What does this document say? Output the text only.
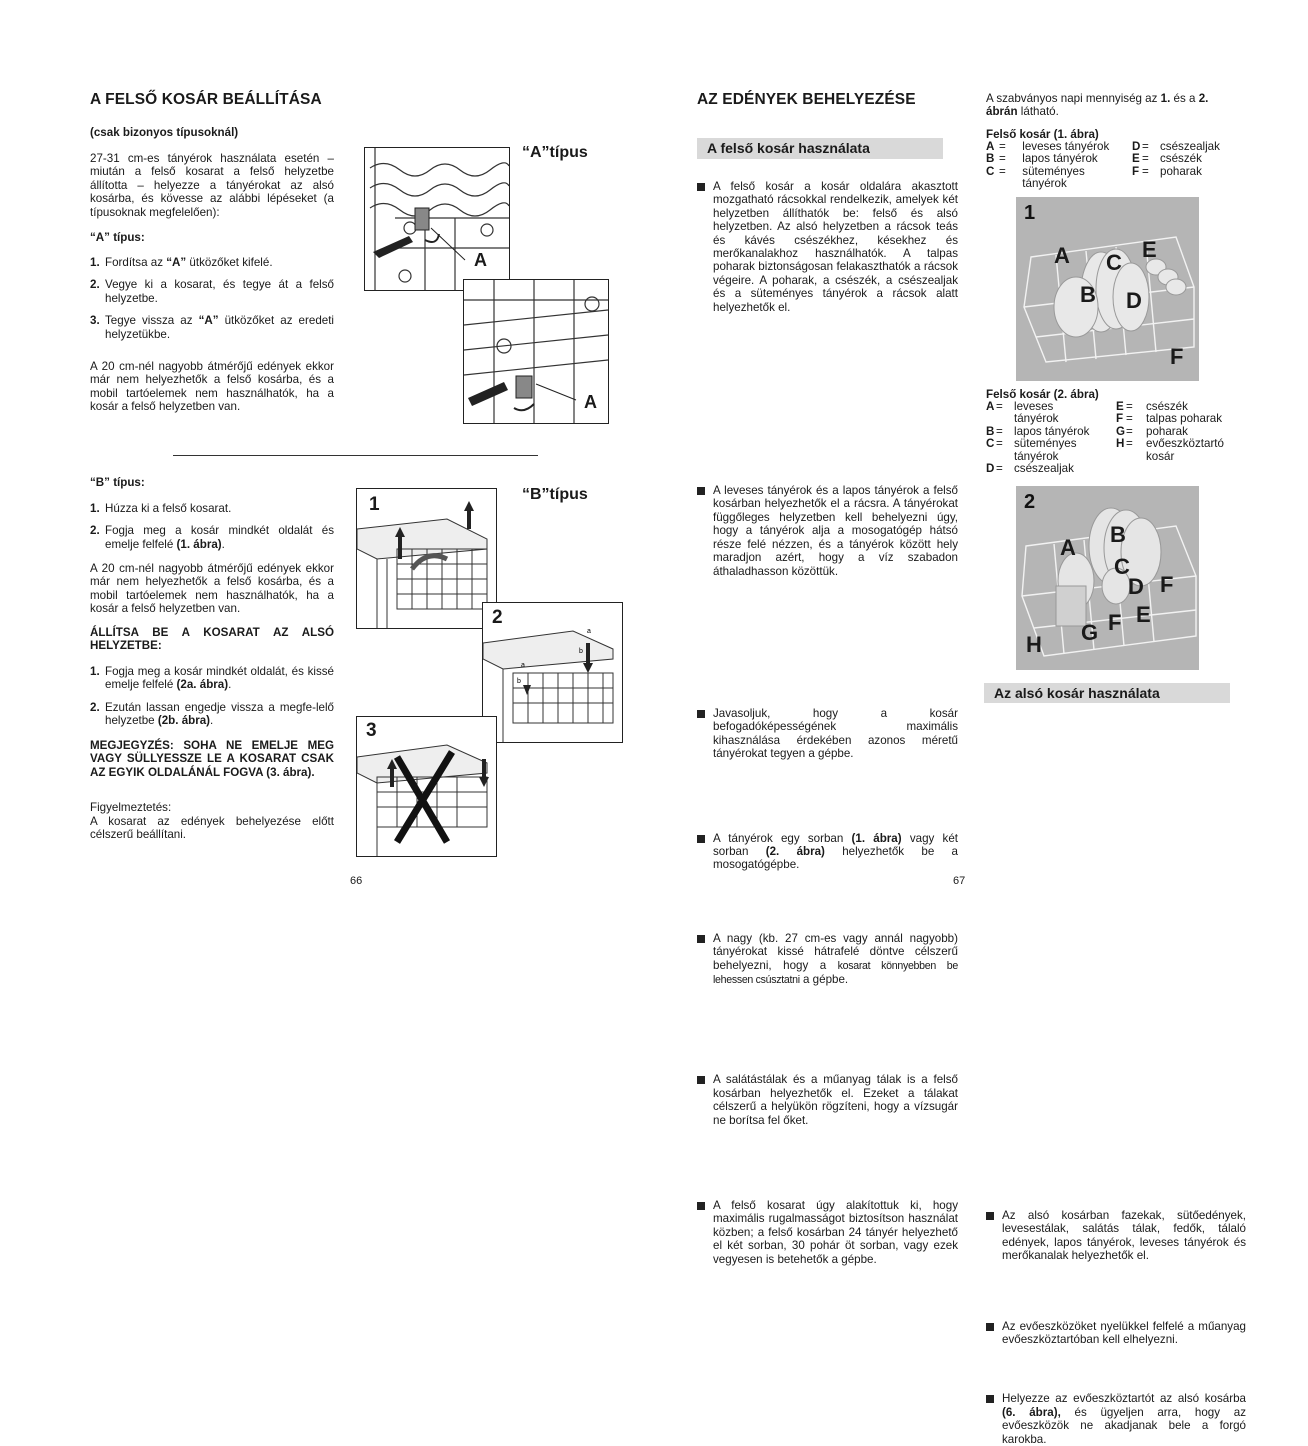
A FELSŐ KOSÁR BEÁLLÍTÁSA
(csak bizonyos típusoknál)
27-31 cm-es tányérok használata esetén – miután a felső kosarat a felső helyzetbe állította – helyezze a tányérokat az alsó kosárba, és kövesse az alábbi lépéseket (a típusoknak megfelelően):
“A” típus:
1. Fordítsa az “A” ütközőket kifelé.
2. Vegye ki a kosarat, és tegye át a felső helyzetbe.
3. Tegye vissza az “A” ütközőket az eredeti helyzetükbe.
A 20 cm-nél nagyobb átmérőjű edények ekkor már nem helyezhetők a felső kosárba, és a mobil tartóelemek nem használhatók, ha a kosár a felső helyzetben van.
“A”típus
A
A
“B” típus:
1. Húzza ki a felső kosarat.
2. Fogja meg a kosár mindkét oldalát és emelje felfelé (1. ábra).
A 20 cm-nél nagyobb átmérőjű edények ekkor már nem helyezhetők a felső kosárba, és a mobil tartóelemek nem használhatók, ha a kosár a felső helyzetben van.
ÁLLÍTSA BE A KOSARAT AZ ALSÓ HELYZETBE:
1. Fogja meg a kosár mindkét oldalát, és kissé emelje felfelé (2a. ábra).
2. Ezután lassan engedje vissza a megfe-lelő helyzetbe (2b. ábra).
MEGJEGYZÉS: SOHA NE EMELJE MEG VAGY SÜLLYESSZE LE A KOSARAT CSAK AZ EGYIK OLDALÁNÁL FOGVA (3. ábra).
Figyelmeztetés:
A kosarat az edények behelyezése előtt célszerű beállítani.
“B”típus
1
a
b
a
b
2
3
66
AZ EDÉNYEK BEHELYEZÉSE
A felső kosár használata
A felső kosár a kosár oldalára akasztott mozgatható rácsokkal rendelkezik, amelyek két helyzetben állíthatók be: felső és alsó helyzetben. Az alsó helyzetben a rácsok teás és kávés csészékhez, késekhez és merőkanalakhoz használhatók. A talpas poharak biztonságosan felakaszthatók a rácsok végeire. A poharak, a csészék, a csészealjak és a süteményes tányérok a rácsok alatt helyezhetők el.
A leveses tányérok és a lapos tányérok a felső kosárban helyezhetők el a rácsra. A tányérokat függőleges helyzetben kell behelyezni úgy, hogy a tányérok alja a mosogatógép hátsó része felé nézzen, és a tányérok között hely maradjon azért, hogy a víz szabadon áthaladhasson közöttük.
Javasoljuk, hogy a kosár befogadóképességének maximális kihasználása érdekében azonos méretű tányérokat tegyen a gépbe.
A tányérok egy sorban (1. ábra) vagy két sorban (2. ábra) helyezhetők be a mosogatógépbe.
A nagy (kb. 27 cm-es vagy annál nagyobb) tányérokat kissé hátrafelé döntve célszerű behelyezni, hogy a kosarat könnyebben be lehessen csúsztatni a gépbe.
A salátástálak és a műanyag tálak is a felső kosárban helyezhetők el. Ezeket a tálakat célszerű a helyükön rögzíteni, hogy a vízsugár ne borítsa fel őket.
A felső kosarat úgy alakítottuk ki, hogy maximális rugalmasságot biztosítson használat közben; a felső kosárban 24 tányér helyezhető el két sorban, 30 pohár öt sorban, vagy ezek vegyesen is betehetők a gépbe.
67
A szabványos napi mennyiség az 1. és a 2. ábrán látható.
Felső kosár (1. ábra)
A	=	leveses tányérok
B	=	lapos tányérok
C	=	süteményes tányérok
D	=	csészealjak
E	=	csészék
F	=	poharak
1
A C
E
B D
F
Felső kosár (2. ábra)
A	=	leveses tányérok
B	=	lapos tányérok
C	=	süteményes tányérok
D	=	csészealjak
E	=	csészék
F	=	talpas poharak
G	=	poharak
H	=	evőeszköztartó kosár
2
A
B
C
D F
E
F
G
H
Az alsó kosár használata
Az alsó kosárban fazekak, sütőedények, levesestálak, salátás tálak, fedők, tálaló edények, lapos tányérok, leveses tányérok és merőkanalak helyezhetők el.
Az evőeszközöket nyelükkel felfelé a műanyag evőeszköztartóban kell elhelyezni.
Helyezze az evőeszköztartót az alsó kosárba (6. ábra), és ügyeljen arra, hogy az evőeszközök ne akadjanak bele a forgó karokba.
